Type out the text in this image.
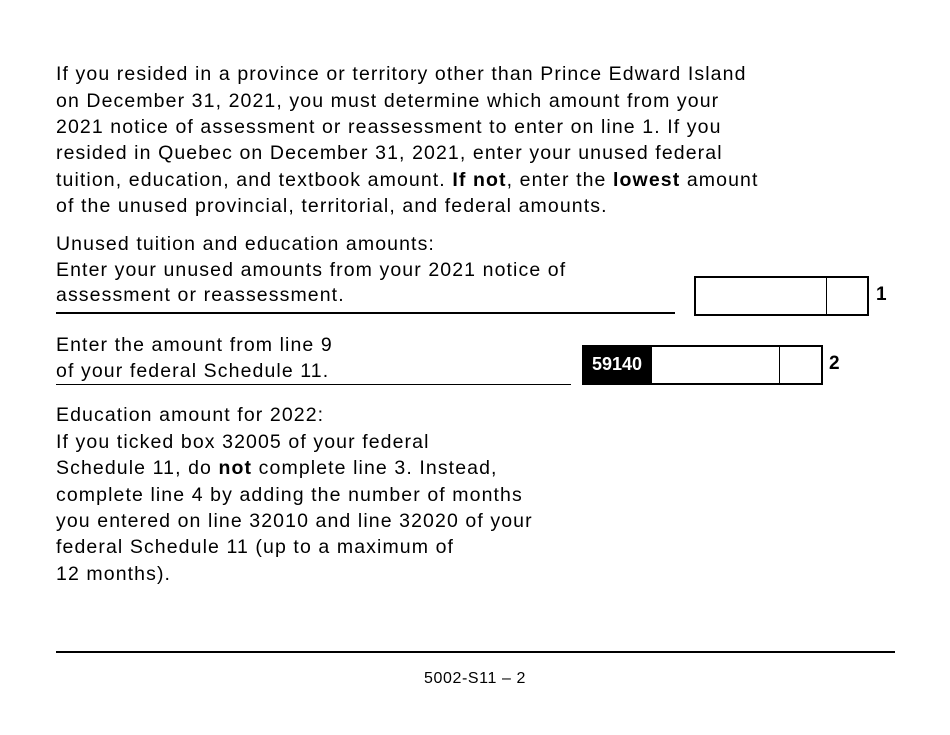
If you resided in a province or territory other than Prince Edward Island
on December 31, 2021, you must determine which amount from your
2021 notice of assessment or reassessment to enter on line 1. If you
resided in Quebec on December 31, 2021, enter your unused federal
tuition, education, and textbook amount. If not, enter the lowest amount
of the unused provincial, territorial, and federal amounts.
Unused tuition and education amounts:
Enter your unused amounts from your 2021 notice of
assessment or reassessment.	1
Enter the amount from line 9
of your federal Schedule 11.	59140	2
Education amount for 2022:
If you ticked box 32005 of your federal
Schedule 11, do not complete line 3. Instead,
complete line 4 by adding the number of months
you entered on line 32010 and line 32020 of your
federal Schedule 11 (up to a maximum of
12 months).
5002-S11 – 2
